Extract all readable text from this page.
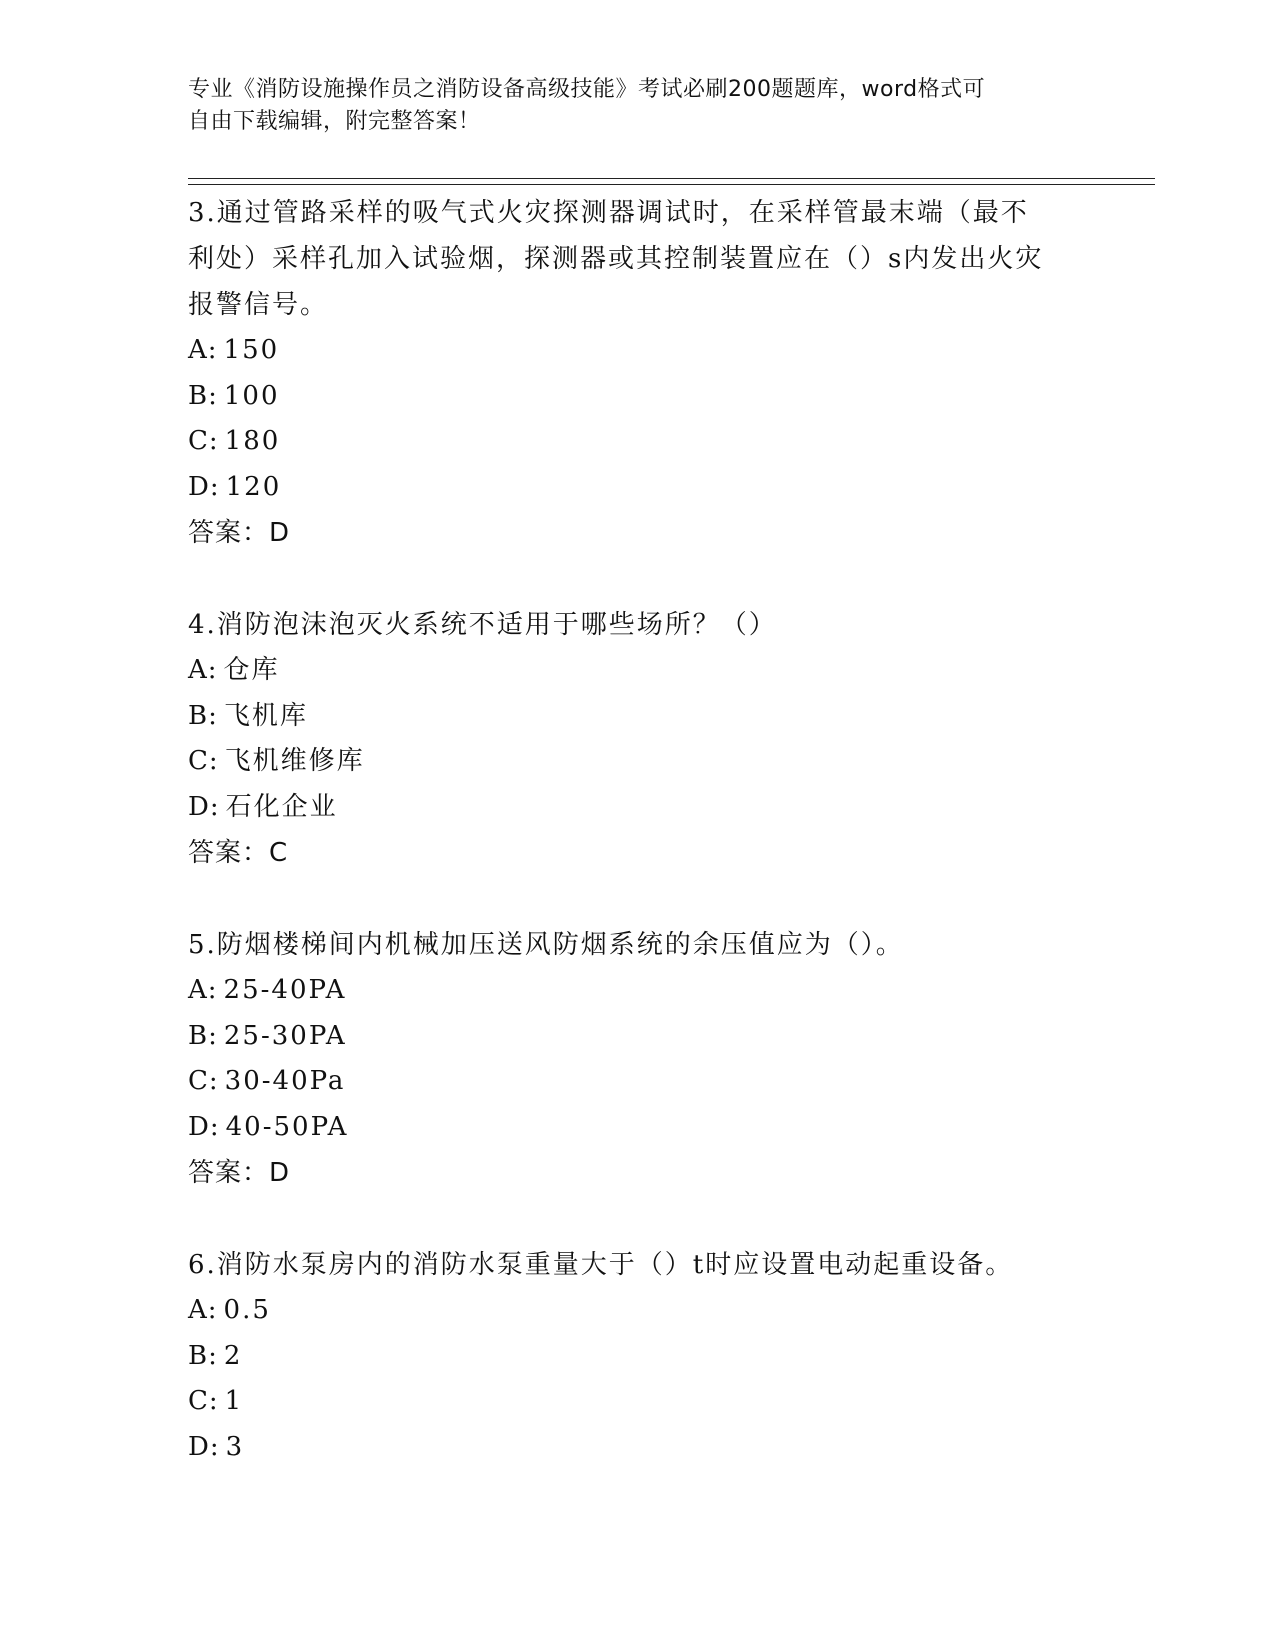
专业《消防设施操作员之消防设备高级技能》考试必刷200题题库，word格式可
自由下载编辑，附完整答案！
3.通过管路采样的吸气式火灾探测器调试时，在采样管最末端（最不利处）采样孔加入试验烟，探测器或其控制装置应在（）s内发出火灾报警信号。
A: 150
B: 100
C: 180
D: 120
答案：D
4.消防泡沫泡灭火系统不适用于哪些场所？（）
A: 仓库
B: 飞机库
C: 飞机维修库
D: 石化企业
答案：C
5.防烟楼梯间内机械加压送风防烟系统的余压值应为（）。
A: 25-40PA
B: 25-30PA
C: 30-40Pa
D: 40-50PA
答案：D
6.消防水泵房内的消防水泵重量大于（）t时应设置电动起重设备。
A: 0.5
B: 2
C: 1
D: 3
